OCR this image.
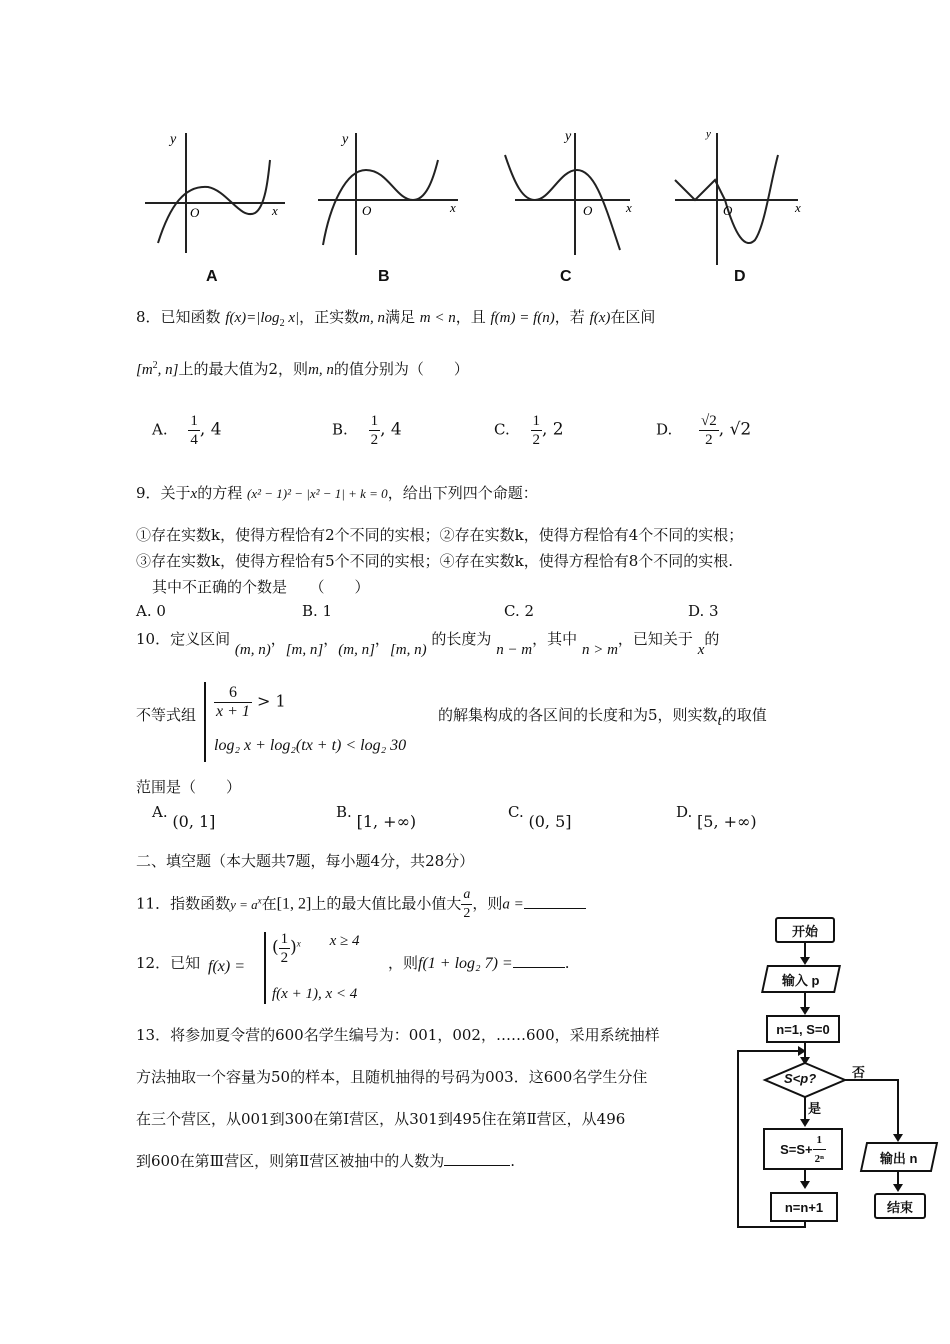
y
x
O
y
x
O
y
x
O
y
x
O
A	B	C	D
8．已知函数 $f(x)=|\log_2$ x|，正实数m, n满足 m < n，且 f(m) = f(n)，若 f(x)在区间
[$m^2$, n]上的最大值为2，则m, n的值分别为（　　）
A. $\frac{1}{4}$ , 4	B. $\frac{1}{2}$ , 4	C. $\frac{1}{2}$ , 2	D. $\frac{√2}{2}$ , √2
9．关于x的方程 (x² − 1)² − |x² − 1| + k = 0，给出下列四个命题：
①存在实数k，使得方程恰有2个不同的实根；②存在实数k，使得方程恰有4个不同的实根；
③存在实数k，使得方程恰有5个不同的实根；④存在实数k，使得方程恰有8个不同的实根.
其中不正确的个数是　　（　　）
A. 0	B. 1	C. 2	D. 3
10．定义区间 (m, n)，[m, n]，(m, n]，[m, n) 的长度为 n − m，其中 n > m，已知关于 x的
不等式组 $\frac{6}{x + 1} > 1$
log₂ x + log₂(tx + t) < log₂ 30
的解集构成的各区间的长度和为5，则实数t的取值
范围是（　　）
A. (0, 1]	B. [1, +∞)	C. (0, 5]	D. [5, +∞)
二、填空题（本大题共7题，每小题4分，共28分）
11．指数函数$y = a^x$在[1, 2]上的最大值比最小值大 $\frac{a}{2}$ ，则a =
12．已知 f(x) =
( $\frac{1}{2} )^x$ x ≥ 4
f(x + 1), x < 4
，则f(1 + log₂ 7) =	.
13．将参加夏令营的600名学生编号为：001，002，……600，采用系统抽样
方法抽取一个容量为50的样本，且随机抽得的号码为003．这600名学生分住
在三个营区，从001到300在第Ⅰ营区，从301到495住在第Ⅱ营区，从496
到600在第Ⅲ营区，则第Ⅱ营区被抽中的人数为	.
开始
输入 p
n=1, S=0
S<p?
是
否
$S=S+ \frac{1}{\text{2ⁿ}}$	输出 n
n=n+1	结束
